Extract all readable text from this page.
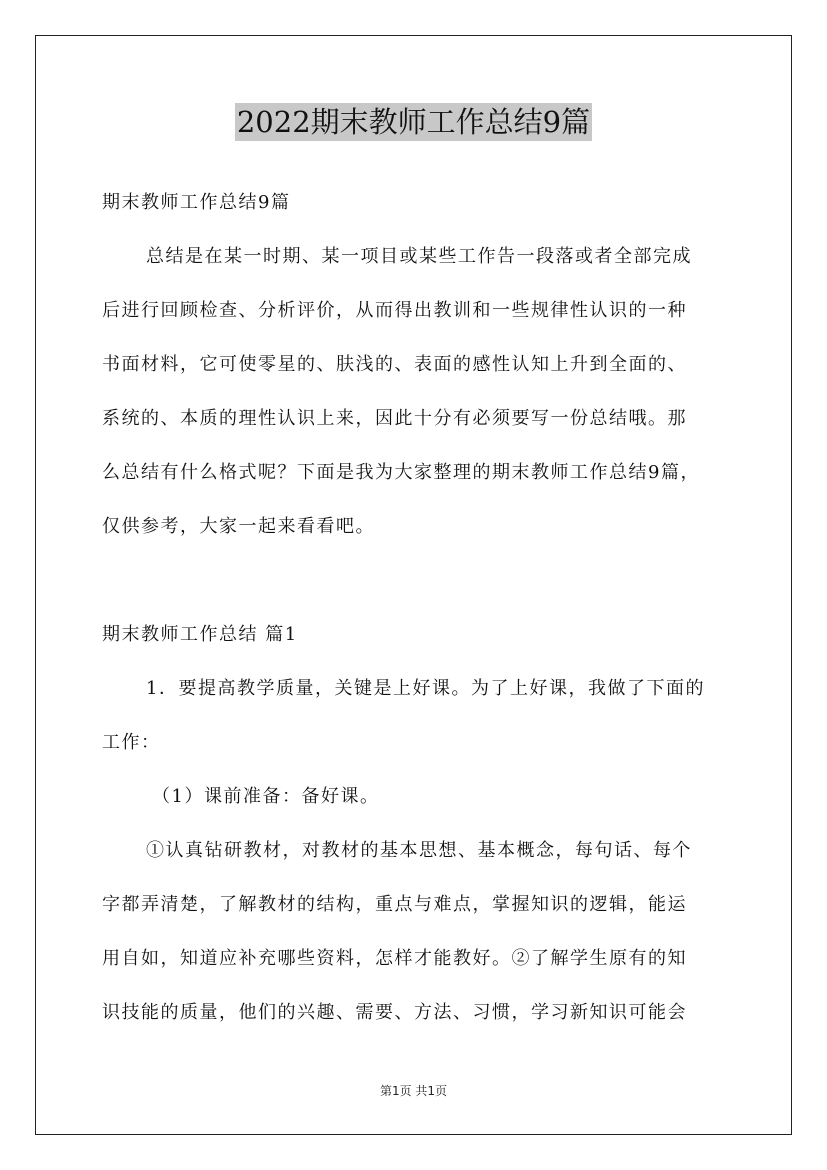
2022期末教师工作总结9篇
期末教师工作总结9篇
总结是在某一时期、某一项目或某些工作告一段落或者全部完成
后进行回顾检查、分析评价，从而得出教训和一些规律性认识的一种
书面材料，它可使零星的、肤浅的、表面的感性认知上升到全面的、
系统的、本质的理性认识上来，因此十分有必须要写一份总结哦。那
么总结有什么格式呢？下面是我为大家整理的期末教师工作总结9篇，
仅供参考，大家一起来看看吧。
期末教师工作总结 篇1
1．要提高教学质量，关键是上好课。为了上好课，我做了下面的
工作：
（1）课前准备：备好课。
①认真钻研教材，对教材的基本思想、基本概念，每句话、每个
字都弄清楚，了解教材的结构，重点与难点，掌握知识的逻辑，能运
用自如，知道应补充哪些资料，怎样才能教好。②了解学生原有的知
识技能的质量，他们的兴趣、需要、方法、习惯，学习新知识可能会
第1页 共1页
